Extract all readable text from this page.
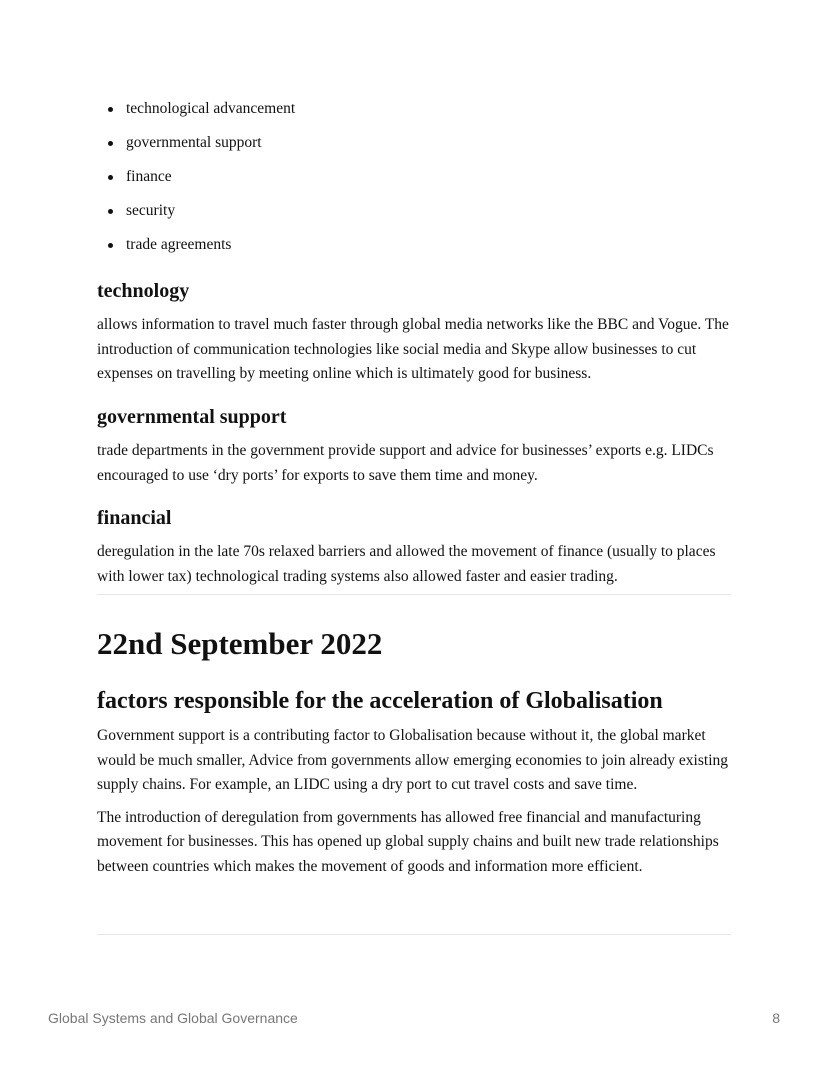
technological advancement
governmental support
finance
security
trade agreements
technology

allows information to travel much faster through global media networks like the BBC and Vogue. The introduction of communication technologies like social media and Skype allow businesses to cut expenses on travelling by meeting online which is ultimately good for business.

governmental support

trade departments in the government provide support and advice for businesses’ exports e.g. LIDCs encouraged to use ‘dry ports’ for exports to save them time and money.

financial

deregulation in the late 70s relaxed barriers and allowed the movement of finance (usually to places with lower tax) technological trading systems also allowed faster and easier trading.

22nd September 2022
factors responsible for the acceleration of Globalisation

Government support is a contributing factor to Globalisation because without it, the global market would be much smaller, Advice from governments allow emerging economies to join already existing supply chains. For example, an LIDC using a dry port to cut travel costs and save time.

The introduction of deregulation from governments has allowed free financial and manufacturing movement for businesses. This has opened up global supply chains and built new trade relationships between countries which makes the movement of goods and information more efficient.

Global Systems and Global Governance	8
